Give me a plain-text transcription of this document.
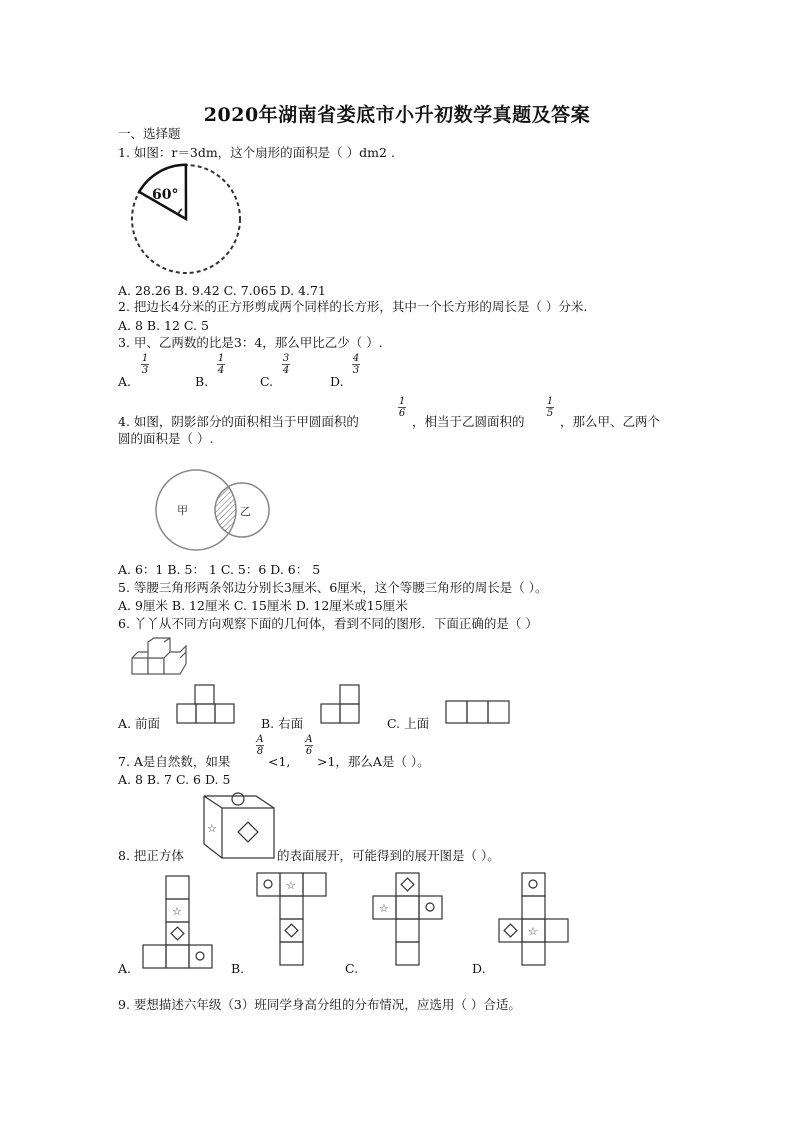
2020年湖南省娄底市小升初数学真题及答案
一、选择题
1. 如图：r＝3dm，这个扇形的面积是（ ）dm2 .
60°
A. 28.26 B. 9.42 C. 7.065 D. 4.71
2. 把边长4分米的正方形剪成两个同样的长方形，其中一个长方形的周长是（ ）分米.
A. 8 B. 12 C. 5
3. 甲、乙两数的比是3：4，那么甲比乙少（ ）.
A.
1
3
B.
1
4
C.
3
4
D.
4
3
4. 如图，阴影部分的面积相当于甲圆面积的
1
6
，相当于乙圆面积的
1
5
，那么甲、乙两个
圆的面积是（ ）.
甲	乙
A. 6：1 B. 5： 1 C. 5：6 D. 6： 5
5. 等腰三角形两条邻边分别长3厘米、6厘米，这个等腰三角形的周长是（ ）。
A. 9厘米 B. 12厘米 C. 15厘米 D. 12厘米或15厘米
6. 丫丫从不同方向观察下面的几何体，看到不同的图形．下面正确的是（ ）
A. 前面	B. 右面	C. 上面
7. A是自然数，如果
A
8
<1,
A
6
>1，那么A是（ ）。
A. 8 B. 7 C. 6 D. 5
8. 把正方体
☆
的表面展开，可能得到的展开图是（ ）。
☆
A.
☆
B.
☆
C.
☆
D.
9. 要想描述六年级（3）班同学身高分组的分布情况，应选用（ ）合适。
